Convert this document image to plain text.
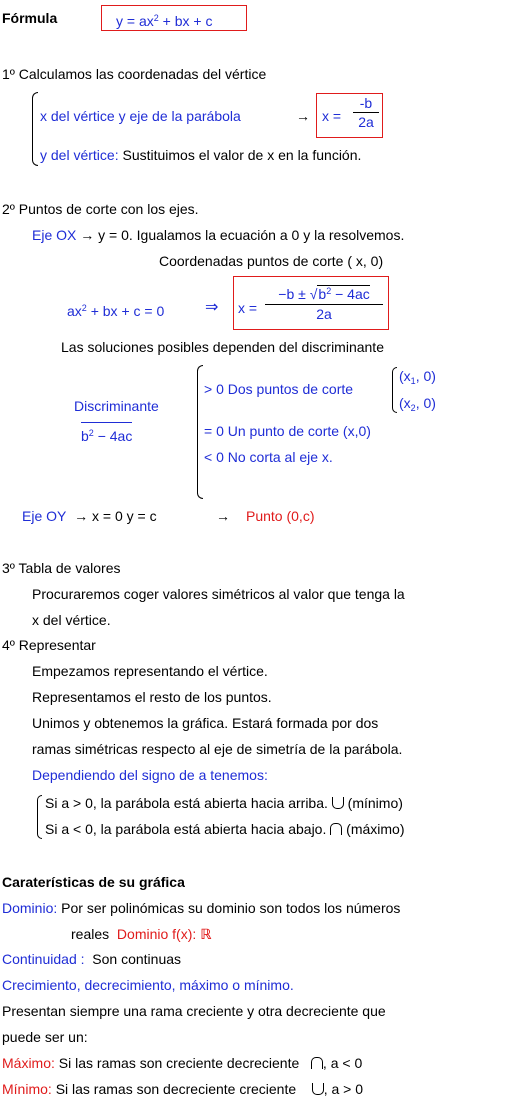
Fórmula	$y = ax^2$ + bx + c
1º Calculamos las coordenadas del vértice
x del vértice y eje de la parábola	→ x =
-b
2a
y del vértice: Sustituimos el valor de x en la función.
2º Puntos de corte con los ejes.
Eje OX → y = 0. Igualamos la ecuación a 0 y la resolvemos.
Coordenadas puntos de corte ( x, 0)
$ax^2$ + bx + c = 0	⇒ x =
$-b \pm √b^2 - 4ac$
2a
Las soluciones posibles dependen del discriminante
Discriminante
$b^2 - 4ac$
> 0 Dos puntos de corte
($x_1$, 0)
($x_2$, 0)
= 0 Un punto de corte (x,0)
< 0 No corta al eje x.
Eje OY → x = 0 y = c	→ Punto (0,c)
3º Tabla de valores
Procuraremos coger valores simétricos al valor que tenga la
x del vértice.
4º Representar
Empezamos representando el vértice.
Representamos el resto de los puntos.
Unimos y obtenemos la gráfica. Estará formada por dos
ramas simétricas respecto al eje de simetría de la parábola.
Dependiendo del signo de a tenemos:
Si a > 0, la parábola está abierta hacia arriba.  (mínimo)
Si a < 0, la parábola está abierta hacia abajo.  (máximo)
Caraterísticas de su gráfica
Dominio: Por ser polinómicas su dominio son todos los números
reales Dominio f(x): ℝ
Continuidad : Son continuas
Crecimiento, decrecimiento, máximo o mínimo.
Presentan siempre una rama creciente y otra decreciente que
puede ser un:
Máximo: Si las ramas son creciente decreciente , a < 0
Mínimo: Si las ramas son decreciente creciente , a > 0
